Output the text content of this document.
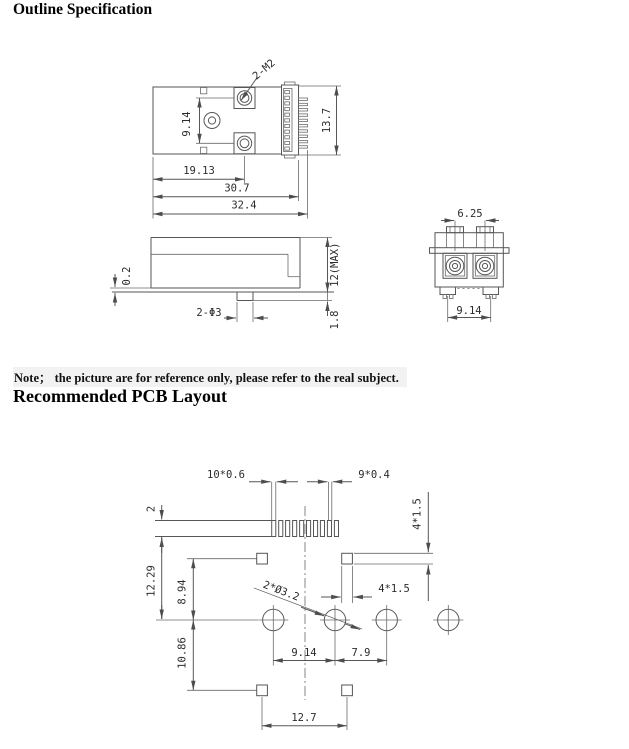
Outline Specification
2-M2
9.14	13.7
19.13
30.7
32.4
0.2
2-Φ3
12(MAX)
1.8
6.25
9.14

Note； the picture are for reference only, please refer to the real subject.

Recommended PCB Layout
10*0.6	9*0.4
2
12.29 8.94
10.86
4*1.5
4*1.5
2*Ø3.2
9.14	7.9
12.7
